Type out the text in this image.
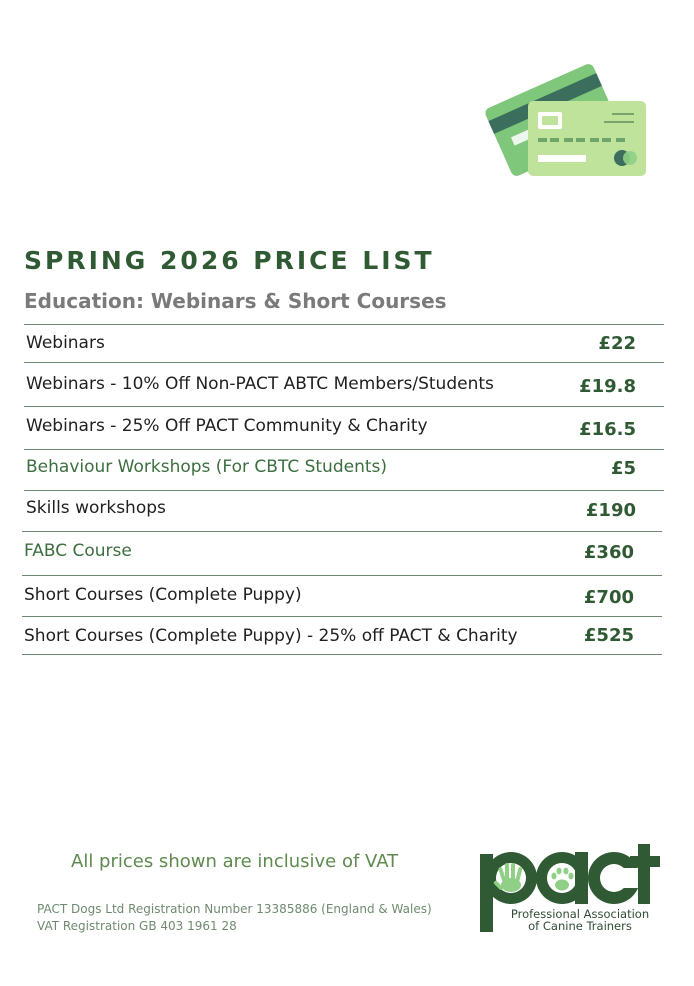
SPRING 2026 PRICE LIST
Education: Webinars & Short Courses
Webinars	£22
Webinars - 10% Off Non-PACT ABTC Members/Students	£19.8
Webinars - 25% Off PACT Community & Charity	£16.5
Behaviour Workshops (For CBTC Students)	£5
Skills workshops	£190
FABC Course	£360
Short Courses (Complete Puppy)	£700
Short Courses (Complete Puppy) - 25% off PACT & Charity	£525

All prices shown are inclusive of VAT

PACT Dogs Ltd Registration Number 13385886 (England & Wales)
VAT Registration GB 403 1961 28
Professional Association
of Canine Trainers
